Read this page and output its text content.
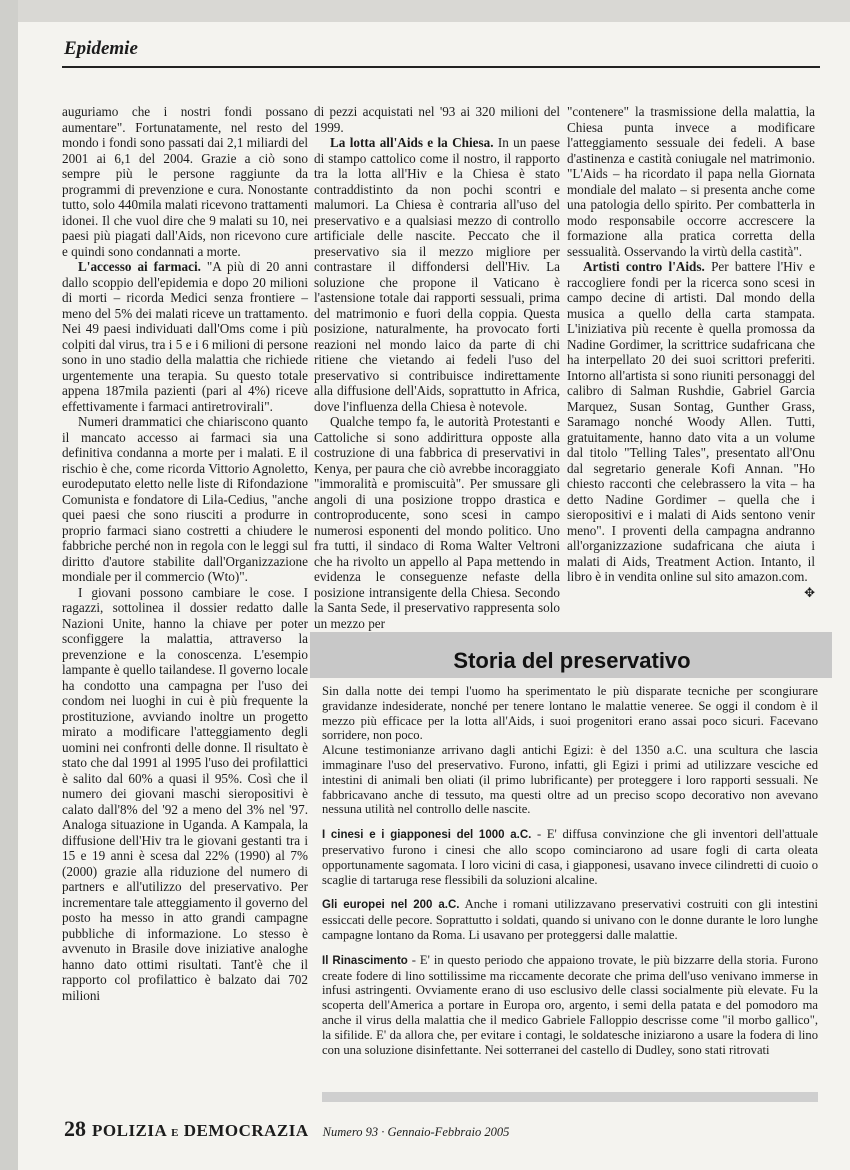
Epidemie

auguriamo che i nostri fondi possano aumentare". Fortunatamente, nel resto del mondo i fondi sono passati dai 2,1 miliardi del 2001 ai 6,1 del 2004. Grazie a ciò sono sempre più le persone raggiunte da programmi di prevenzione e cura. Nonostante tutto, solo 440mila malati ricevono trattamenti idonei. Il che vuol dire che 9 malati su 10, nei paesi più piagati dall'Aids, non ricevono cure e quindi sono condannati a morte.

L'accesso ai farmaci. "A più di 20 anni dallo scoppio dell'epidemia e dopo 20 milioni di morti – ricorda Medici senza frontiere – meno del 5% dei malati riceve un trattamento. Nei 49 paesi individuati dall'Oms come i più colpiti dal virus, tra i 5 e i 6 milioni di persone sono in uno stadio della malattia che richiede urgentemente una terapia. Su questo totale appena 187mila pazienti (pari al 4%) riceve effettivamente i farmaci antiretrovirali".

Numeri drammatici che chiariscono quanto il mancato accesso ai farmaci sia una definitiva condanna a morte per i malati. E il rischio è che, come ricorda Vittorio Agnoletto, eurodeputato eletto nelle liste di Rifondazione Comunista e fondatore di Lila-Cedius, "anche quei paesi che sono riusciti a produrre in proprio farmaci siano costretti a chiudere le fabbriche perché non in regola con le leggi sul diritto d'autore stabilite dall'Organizzazione mondiale per il commercio (Wto)".

I giovani possono cambiare le cose. I ragazzi, sottolinea il dossier redatto dalle Nazioni Unite, hanno la chiave per poter sconfiggere la malattia, attraverso la prevenzione e la conoscenza. L'esempio lampante è quello tailandese. Il governo locale ha condotto una campagna per l'uso dei condom nei luoghi in cui è più frequente la prostituzione, avviando inoltre un progetto mirato a modificare l'atteggiamento degli uomini nei confronti delle donne. Il risultato è stato che dal 1991 al 1995 l'uso dei profilattici è salito dal 60% a quasi il 95%. Così che il numero dei giovani maschi sieropositivi è calato dall'8% del '92 a meno del 3% nel '97. Analoga situazione in Uganda. A Kampala, la diffusione dell'Hiv tra le giovani gestanti tra i 15 e 19 anni è scesa dal 22% (1990) al 7% (2000) grazie alla riduzione del numero di partners e all'utilizzo del preservativo. Per incrementare tale atteggiamento il governo del posto ha messo in atto grandi campagne pubbliche di informazione. Lo stesso è avvenuto in Brasile dove iniziative analoghe hanno dato ottimi risultati. Tant'è che il rapporto col profilattico è balzato dai 702 milioni

di pezzi acquistati nel '93 ai 320 milioni del 1999.

La lotta all'Aids e la Chiesa. In un paese di stampo cattolico come il nostro, il rapporto tra la lotta all'Hiv e la Chiesa è stato contraddistinto da non pochi scontri e malumori. La Chiesa è contraria all'uso del preservativo e a qualsiasi mezzo di controllo artificiale delle nascite. Peccato che il preservativo sia il mezzo migliore per contrastare il diffondersi dell'Hiv. La soluzione che propone il Vaticano è l'astensione totale dai rapporti sessuali, prima del matrimonio e fuori della coppia. Questa posizione, naturalmente, ha provocato forti reazioni nel mondo laico da parte di chi ritiene che vietando ai fedeli l'uso del preservativo si contribuisce indirettamente alla diffusione dell'Aids, soprattutto in Africa, dove l'influenza della Chiesa è notevole.

Qualche tempo fa, le autorità Protestanti e Cattoliche si sono addirittura opposte alla costruzione di una fabbrica di preservativi in Kenya, per paura che ciò avrebbe incoraggiato "immoralità e promiscuità". Per smussare gli angoli di una posizione troppo drastica e controproducente, sono scesi in campo numerosi esponenti del mondo politico. Uno fra tutti, il sindaco di Roma Walter Veltroni che ha rivolto un appello al Papa mettendo in evidenza le conseguenze nefaste della posizione intransigente della Chiesa. Secondo la Santa Sede, il preservativo rappresenta solo un mezzo per

"contenere" la trasmissione della malattia, la Chiesa punta invece a modificare l'atteggiamento sessuale dei fedeli. A base d'astinenza e castità coniugale nel matrimonio. "L'Aids – ha ricordato il papa nella Giornata mondiale del malato – si presenta anche come una patologia dello spirito. Per combatterla in modo responsabile occorre accrescere la formazione alla pratica corretta della sessualità. Osservando la virtù della castità".

Artisti contro l'Aids. Per battere l'Hiv e raccogliere fondi per la ricerca sono scesi in campo decine di artisti. Dal mondo della musica a quello della carta stampata. L'iniziativa più recente è quella promossa da Nadine Gordimer, la scrittrice sudafricana che ha interpellato 20 dei suoi scrittori preferiti. Intorno all'artista si sono riuniti personaggi del calibro di Salman Rushdie, Gabriel Garcia Marquez, Susan Sontag, Gunther Grass, Saramago nonché Woody Allen. Tutti, gratuitamente, hanno dato vita a un volume dal titolo "Telling Tales", presentato all'Onu dal segretario generale Kofi Annan. "Ho chiesto racconti che celebrassero la vita – ha detto Nadine Gordimer – quella che i sieropositivi e i malati di Aids sentono venir meno". I proventi della campagna andranno all'organizzazione sudafricana che aiuta i malati di Aids, Treatment Action. Intanto, il libro è in vendita online sul sito amazon.com.
✥

Storia del preservativo

Sin dalla notte dei tempi l'uomo ha sperimentato le più disparate tecniche per scongiurare gravidanze indesiderate, nonché per tenere lontano le malattie veneree. Se oggi il condom è il mezzo più efficace per la lotta all'Aids, i suoi progenitori erano assai poco sicuri. Facevano sorridere, non poco.

Alcune testimonianze arrivano dagli antichi Egizi: è del 1350 a.C. una scultura che lascia immaginare l'uso del preservativo. Furono, infatti, gli Egizi i primi ad utilizzare vesciche ed intestini di animali ben oliati (il primo lubrificante) per proteggere i loro rapporti sessuali. Ne fabbricavano anche di tessuto, ma questi oltre ad un preciso scopo decorativo non avevano nessuna utilità nel controllo delle nascite.

I cinesi e i giapponesi del 1000 a.C. - E' diffusa convinzione che gli inventori dell'attuale preservativo furono i cinesi che allo scopo cominciarono ad usare fogli di carta oleata opportunamente sagomata. I loro vicini di casa, i giapponesi, usavano invece cilindretti di cuoio o scaglie di tartaruga rese flessibili da soluzioni alcaline.

Gli europei nel 200 a.C. Anche i romani utilizzavano preservativi costruiti con gli intestini essiccati delle pecore. Soprattutto i soldati, quando si univano con le donne durante le loro lunghe campagne lontano da Roma. Li usavano per proteggersi dalle malattie.

Il Rinascimento - E' in questo periodo che appaiono trovate, le più bizzarre della storia. Furono create fodere di lino sottilissime ma riccamente decorate che prima dell'uso venivano immerse in infusi astringenti. Ovviamente erano di uso esclusivo delle classi socialmente più elevate. Fu la scoperta dell'America a portare in Europa oro, argento, i semi della patata e del pomodoro ma anche il virus della malattia che il medico Gabriele Falloppio descrisse come "il morbo gallico", la sifilide. E' da allora che, per evitare i contagi, le soldatesche iniziarono a usare la fodera di lino con una soluzione disinfettante. Nei sotterranei del castello di Dudley, sono stati ritrovati

28 POLIZIA E DEMOCRAZIA Numero 93 · Gennaio-Febbraio 2005
